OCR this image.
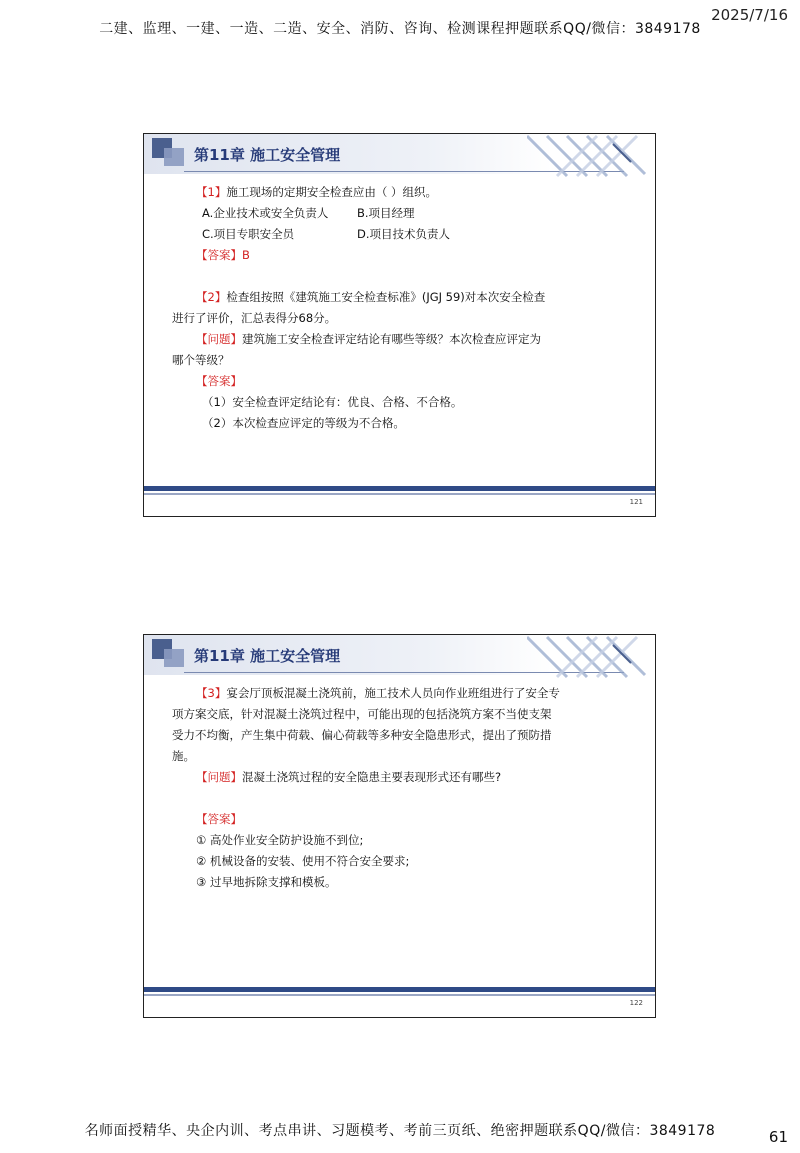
二建、监理、一建、一造、二造、安全、消防、咨询、检测课程押题联系QQ/微信：3849178
2025/7/16
第11章 施工安全管理
【1】施工现场的定期安全检查应由（ ）组织。
A.企业技术或安全负责人 B.项目经理
C.项目专职安全员	D.项目技术负责人
【答案】B
【2】检查组按照《建筑施工安全检查标准》(JGJ 59)对本次安全检查
进行了评价，汇总表得分68分。
【问题】建筑施工安全检查评定结论有哪些等级？本次检查应评定为
哪个等级？
【答案】
（1）安全检查评定结论有：优良、合格、不合格。
（2）本次检查应评定的等级为不合格。
121
第11章 施工安全管理
【3】宴会厅顶板混凝土浇筑前，施工技术人员向作业班组进行了安全专
项方案交底，针对混凝土浇筑过程中，可能出现的包括浇筑方案不当使支架
受力不均衡，产生集中荷载、偏心荷载等多种安全隐患形式，提出了预防措
施。
【问题】混凝土浇筑过程的安全隐患主要表现形式还有哪些?
【答案】
① 高处作业安全防护设施不到位;
② 机械设备的安装、使用不符合安全要求;
③ 过早地拆除支撑和模板。
122
名师面授精华、央企内训、考点串讲、习题模考、考前三页纸、绝密押题联系QQ/微信：3849178	61
